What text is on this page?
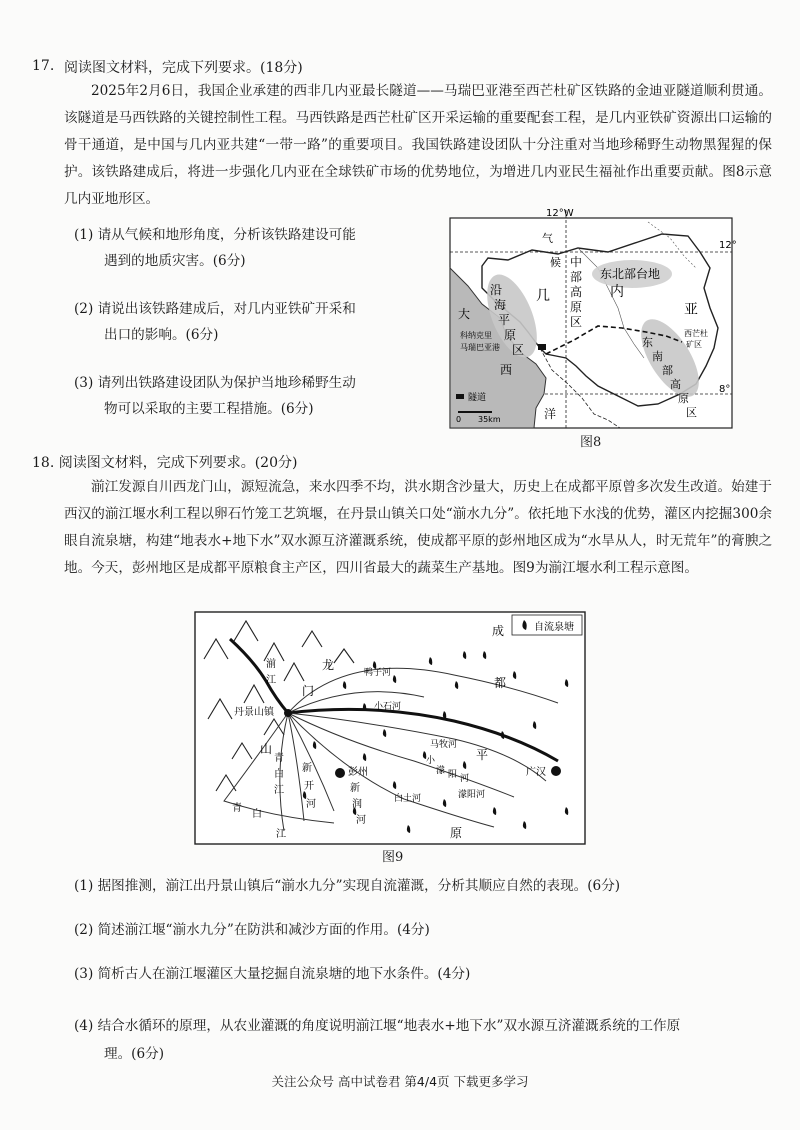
17. 阅读图文材料，完成下列要求。(18分)
2025年2月6日，我国企业承建的西非几内亚最长隧道——马瑞巴亚港至西芒杜矿区铁路的金迪亚隧道顺利贯通。该隧道是马西铁路的关键控制性工程。马西铁路是西芒杜矿区开采运输的重要配套工程，是几内亚铁矿资源出口运输的骨干通道，是中国与几内亚共建“一带一路”的重要项目。我国铁路建设团队十分注重对当地珍稀野生动物黑猩猩的保护。该铁路建成后，将进一步强化几内亚在全球铁矿市场的优势地位，为增进几内亚民生福祉作出重要贡献。图8示意几内亚地形区。
(1) 请从气候和地形角度，分析该铁路建设可能
遇到的地质灾害。(6分)
(2) 请说出该铁路建成后，对几内亚铁矿开采和
出口的影响。(6分)
(3) 请列出铁路建设团队为保护当地珍稀野生动
物可以采取的主要工程措施。(6分)
12°W
12°
8°
沿
海
平
原
区
中
部
高
原
区
东北部台地
东
南
部
高
原
区
几	内
亚
气
候
大
西
洋
科纳克里
马瑞巴亚港
西芒杜
矿区
隧道
0 35km
图8
18. 阅读图文材料，完成下列要求。(20分)
湔江发源自川西龙门山，源短流急，来水四季不均，洪水期含沙量大，历史上在成都平原曾多次发生改道。始建于西汉的湔江堰水利工程以卵石竹笼工艺筑堰，在丹景山镇关口处“湔水九分”。依托地下水浅的优势，灌区内挖掘300余眼自流泉塘，构建“地表水+地下水”双水源互济灌溉系统，使成都平原的彭州地区成为“水旱从人，时无荒年”的膏腴之地。今天，彭州地区是成都平原粮食主产区，四川省最大的蔬菜生产基地。图9为湔江堰水利工程示意图。
自流泉塘
丹景山镇
湔
江
龙
门
山
成
都
平
原
鸭子河
小石河
马牧河
白土河	濛阳河
小
濛 阳 河
新
开
河
新
润
河
青
白
江
青
白
江
彭州	广汉
图9
(1) 据图推测，湔江出丹景山镇后“湔水九分”实现自流灌溉，分析其顺应自然的表现。(6分)
(2) 简述湔江堰“湔水九分”在防洪和减沙方面的作用。(4分)
(3) 简析古人在湔江堰灌区大量挖掘自流泉塘的地下水条件。(4分)
(4) 结合水循环的原理，从农业灌溉的角度说明湔江堰“地表水+地下水”双水源互济灌溉系统的工作原
理。(6分)
关注公众号 高中试卷君 第4/4页 下载更多学习
